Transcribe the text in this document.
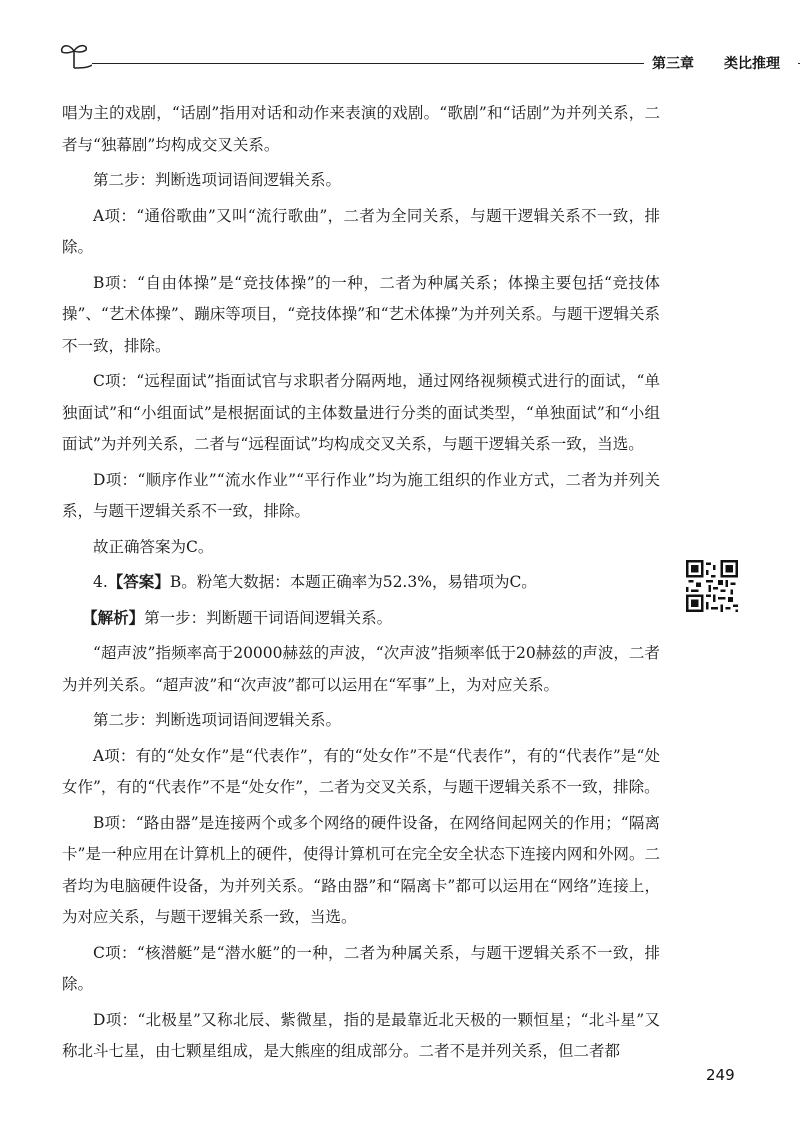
第三章 类比推理

唱为主的戏剧，“话剧”指用对话和动作来表演的戏剧。“歌剧”和“话剧”为并列关系，二者与“独幕剧”均构成交叉关系。

第二步：判断选项词语间逻辑关系。

A项：“通俗歌曲”又叫“流行歌曲”，二者为全同关系，与题干逻辑关系不一致，排除。

B项：“自由体操”是“竞技体操”的一种，二者为种属关系；体操主要包括“竞技体操”、“艺术体操”、蹦床等项目，“竞技体操”和“艺术体操”为并列关系。与题干逻辑关系不一致，排除。

C项：“远程面试”指面试官与求职者分隔两地，通过网络视频模式进行的面试，“单独面试”和“小组面试”是根据面试的主体数量进行分类的面试类型，“单独面试”和“小组面试”为并列关系，二者与“远程面试”均构成交叉关系，与题干逻辑关系一致，当选。

D项：“顺序作业”“流水作业”“平行作业”均为施工组织的作业方式，二者为并列关系，与题干逻辑关系不一致，排除。

故正确答案为C。

4.【答案】B。粉笔大数据：本题正确率为52.3%，易错项为C。

【解析】第一步：判断题干词语间逻辑关系。

“超声波”指频率高于20000赫兹的声波，“次声波”指频率低于20赫兹的声波，二者为并列关系。“超声波”和“次声波”都可以运用在“军事”上，为对应关系。

第二步：判断选项词语间逻辑关系。

A项：有的“处女作”是“代表作”，有的“处女作”不是“代表作”，有的“代表作”是“处女作”，有的“代表作”不是“处女作”，二者为交叉关系，与题干逻辑关系不一致，排除。

B项：“路由器”是连接两个或多个网络的硬件设备，在网络间起网关的作用；“隔离卡”是一种应用在计算机上的硬件，使得计算机可在完全安全状态下连接内网和外网。二者均为电脑硬件设备，为并列关系。“路由器”和“隔离卡”都可以运用在“网络”连接上，为对应关系，与题干逻辑关系一致，当选。

C项：“核潜艇”是“潜水艇”的一种，二者为种属关系，与题干逻辑关系不一致，排除。

D项：“北极星”又称北辰、紫微星，指的是最靠近北天极的一颗恒星；“北斗星”又称北斗七星，由七颗星组成，是大熊座的组成部分。二者不是并列关系，但二者都

249
